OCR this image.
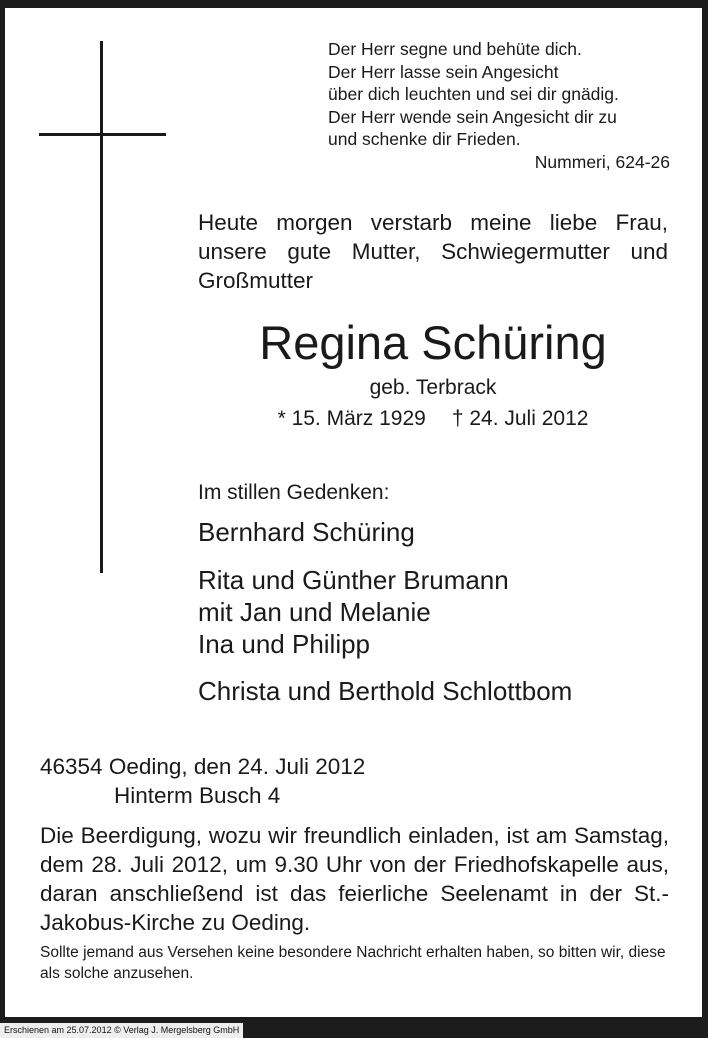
Erschienen am 25.07.2012 © Verlag J. Mergelsberg GmbH
Der Herr segne und behüte dich.
Der Herr lasse sein Angesicht
über dich leuchten und sei dir gnädig.
Der Herr wende sein Angesicht dir zu
und schenke dir Frieden.
Nummeri, 624-26
Heute morgen verstarb meine liebe Frau, unsere gute Mutter, Schwiegermutter und Großmutter
Regina Schüring
geb. Terbrack
* 15. März 1929 † 24. Juli 2012
Im stillen Gedenken:
Bernhard Schüring
Rita und Günther Brumann
mit Jan und Melanie
Ina und Philipp
Christa und Berthold Schlottbom
46354 Oeding, den 24. Juli 2012
Hinterm Busch 4
Die Beerdigung, wozu wir freundlich einladen, ist am Samstag, dem 28. Juli 2012, um 9.30 Uhr von der Friedhofskapelle aus, daran anschließend ist das feierliche Seelenamt in der St.-Jakobus-Kirche zu Oeding.
Sollte jemand aus Versehen keine besondere Nachricht erhalten haben, so bitten wir, diese als solche anzusehen.
